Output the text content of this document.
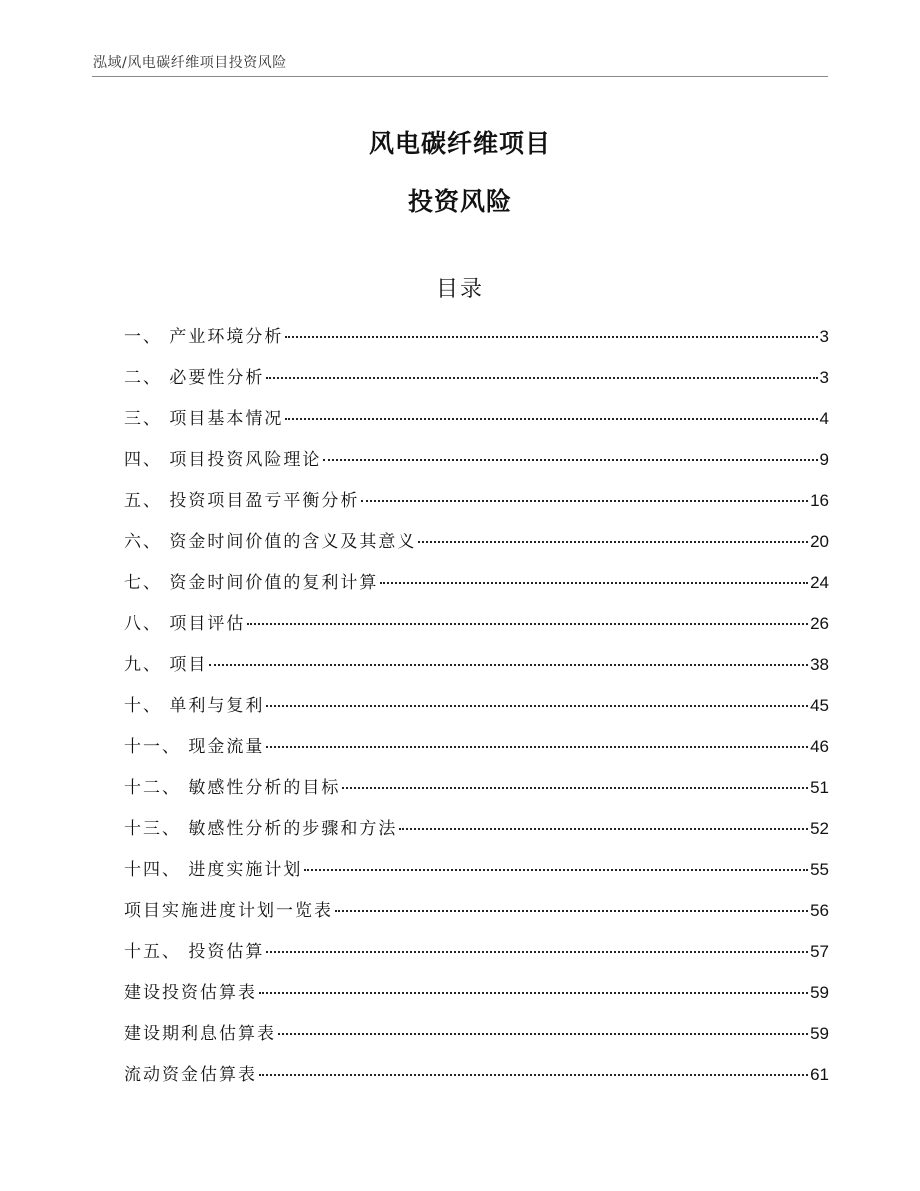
泓域/风电碳纤维项目投资风险
风电碳纤维项目
投资风险
目录
一、 产业环境分析	3
二、 必要性分析	3
三、 项目基本情况	4
四、 项目投资风险理论	9
五、 投资项目盈亏平衡分析	16
六、 资金时间价值的含义及其意义	20
七、 资金时间价值的复利计算	24
八、 项目评估	26
九、 项目	38
十、 单利与复利	45
十一、 现金流量	46
十二、 敏感性分析的目标	51
十三、 敏感性分析的步骤和方法	52
十四、 进度实施计划	55
项目实施进度计划一览表	56
十五、 投资估算	57
建设投资估算表	59
建设期利息估算表	59
流动资金估算表	61
